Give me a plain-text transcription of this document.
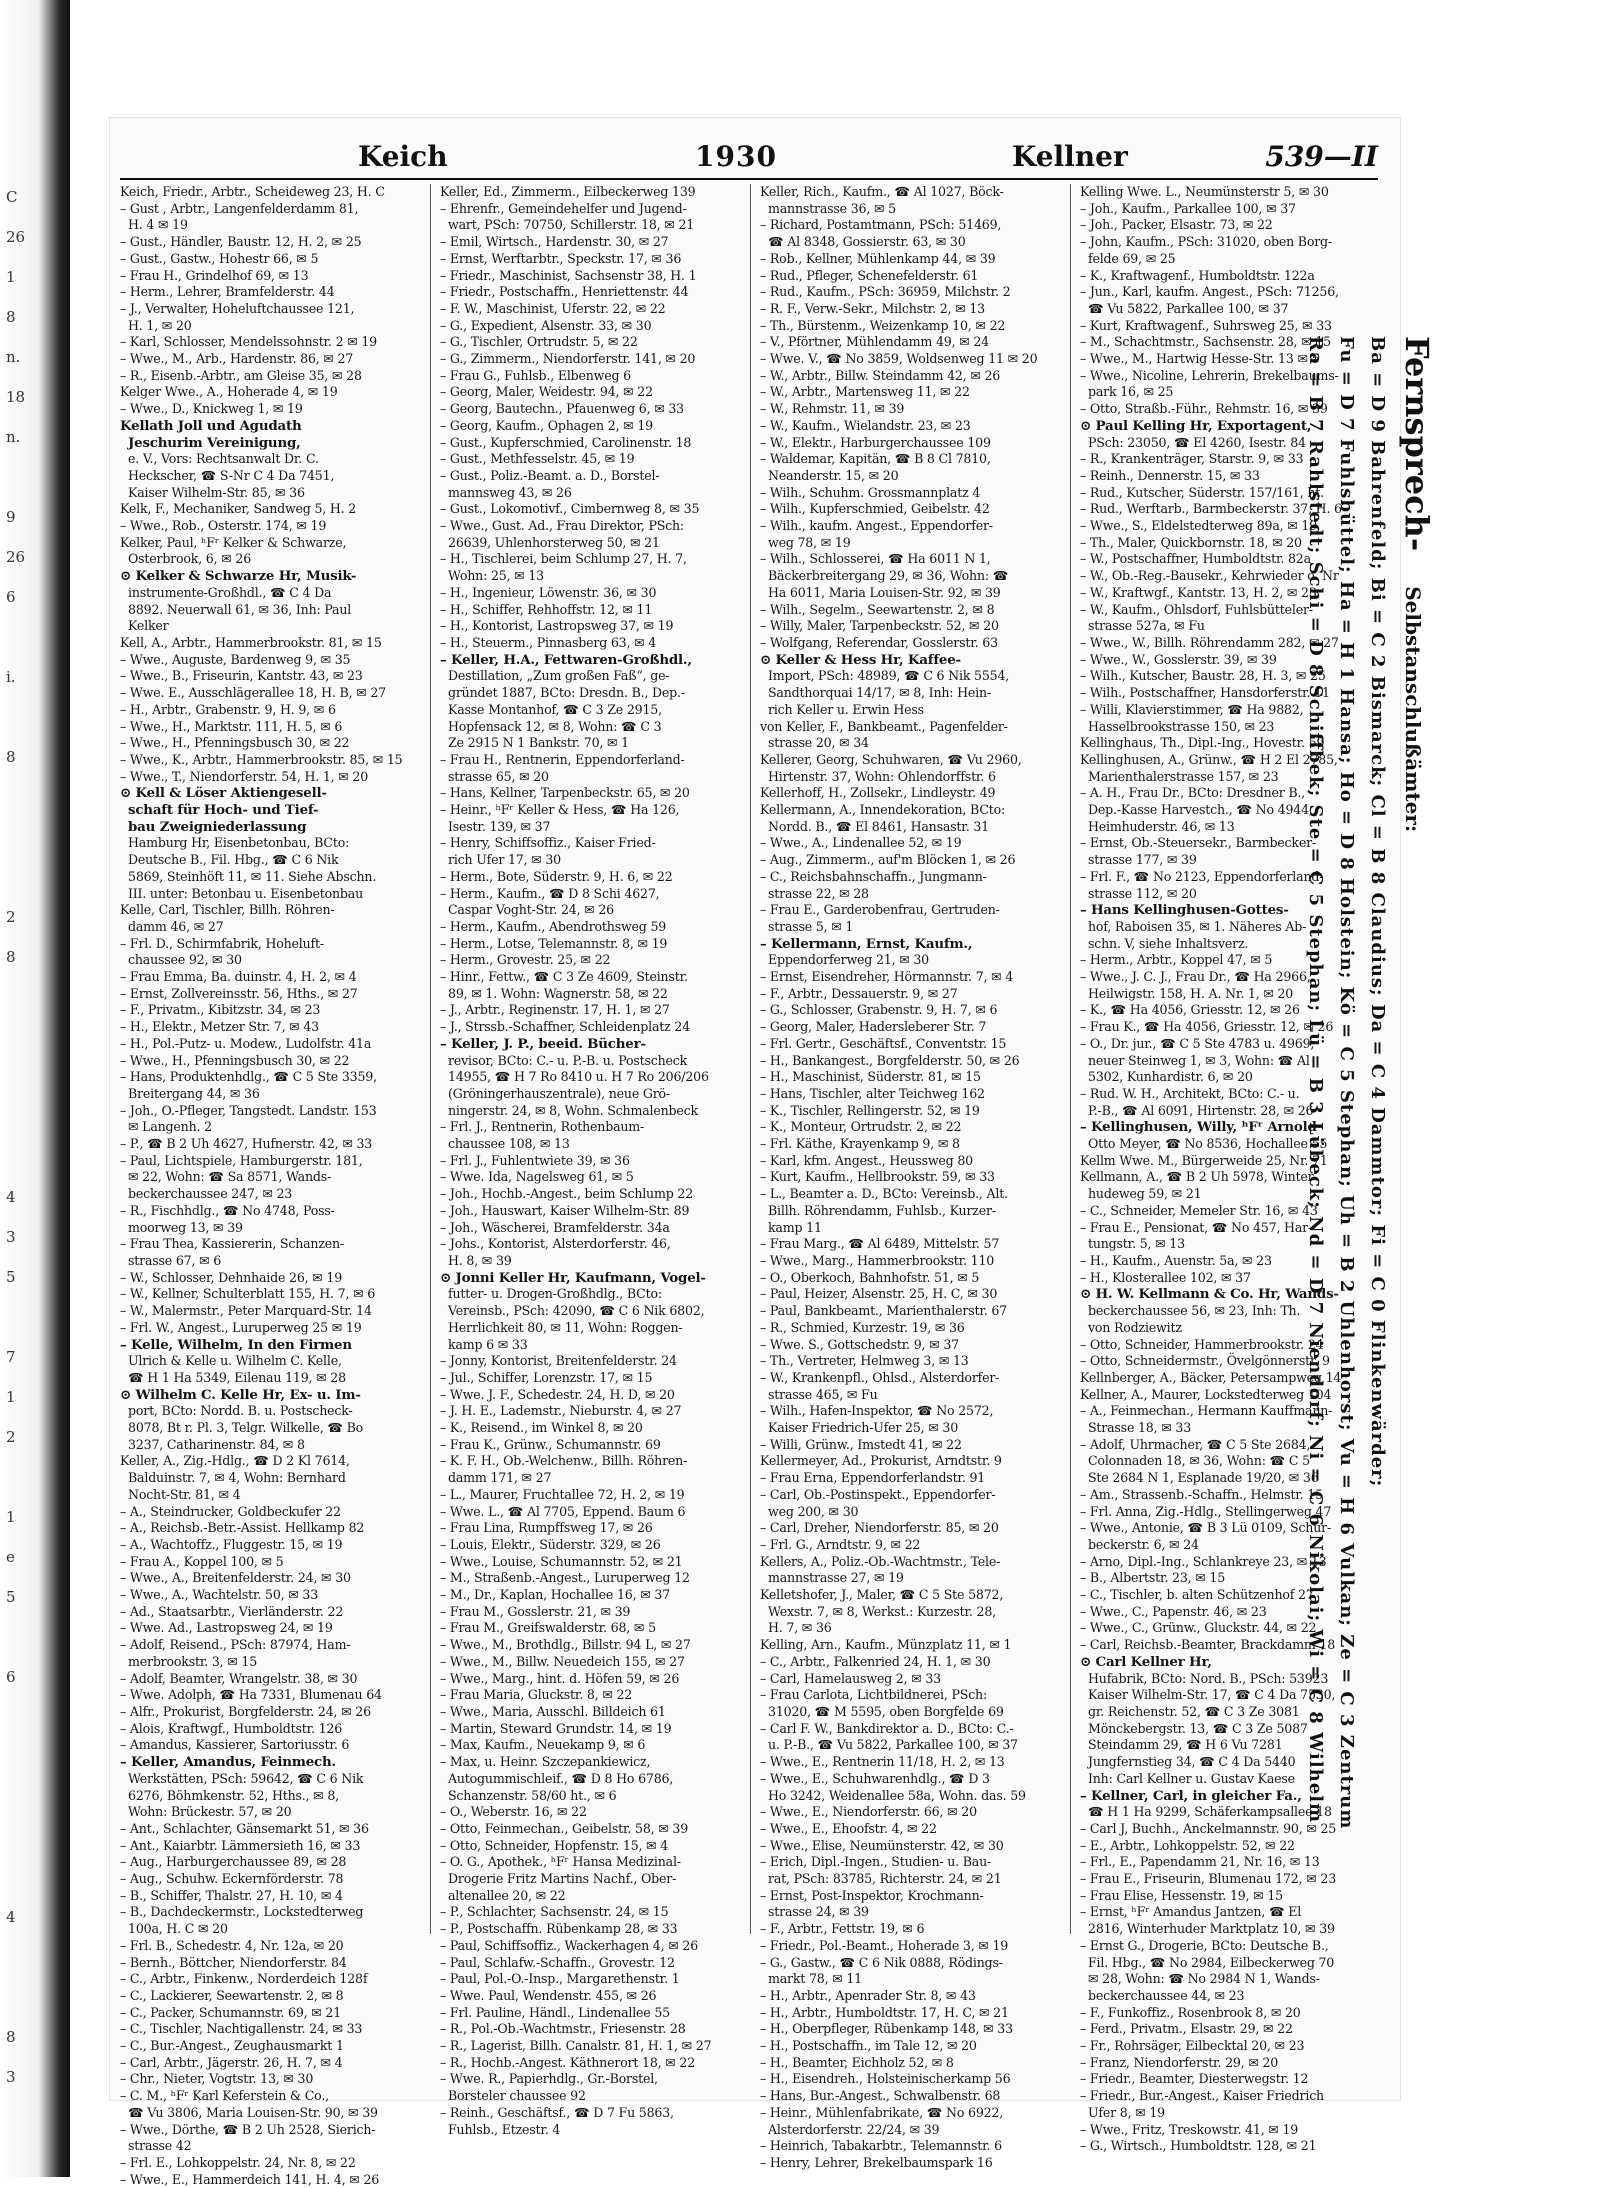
C
26
1
8
n.
18
n.
9
26
6
i.
8
2
8
4
3
5
7
1
2
1
e
5
6
4
8
3
Keich	1930	Kellner	539—II
Keich, Friedr., Arbtr., Scheideweg 23, H. C
– Gust , Arbtr., Langenfelderdamm 81,
H. 4 ✉ 19
– Gust., Händler, Baustr. 12, H. 2, ✉ 25
– Gust., Gastw., Hohestr 66, ✉ 5
– Frau H., Grindelhof 69, ✉ 13
– Herm., Lehrer, Bramfelderstr. 44
– J., Verwalter, Hoheluftchaussee 121,
H. 1, ✉ 20
– Karl, Schlosser, Mendelssohnstr. 2 ✉ 19
– Wwe., M., Arb., Hardenstr. 86, ✉ 27
– R., Eisenb.-Arbtr., am Gleise 35, ✉ 28
Kelger Wwe., A., Hoherade 4, ✉ 19
– Wwe., D., Knickweg 1, ✉ 19
Kellath Joll und Agudath
Jeschurim Vereinigung,
e. V., Vors: Rechtsanwalt Dr. C.
Heckscher, ☎ S-Nr C 4 Da 7451,
Kaiser Wilhelm-Str. 85, ✉ 36
Kelk, F., Mechaniker, Sandweg 5, H. 2
– Wwe., Rob., Osterstr. 174, ✉ 19
Kelker, Paul, ʰFʳ Kelker & Schwarze,
Osterbrook, 6, ✉ 26
⊙ Kelker & Schwarze Hr, Musik-
instrumente-Großhdl., ☎ C 4 Da
8892. Neuerwall 61, ✉ 36, Inh: Paul
Kelker
Kell, A., Arbtr., Hammerbrookstr. 81, ✉ 15
– Wwe., Auguste, Bardenweg 9, ✉ 35
– Wwe., B., Friseurin, Kantstr. 43, ✉ 23
– Wwe. E., Ausschlägerallee 18, H. B, ✉ 27
– H., Arbtr., Grabenstr. 9, H. 9, ✉ 6
– Wwe., H., Marktstr. 111, H. 5, ✉ 6
– Wwe., H., Pfenningsbusch 30, ✉ 22
– Wwe., K., Arbtr., Hammerbrookstr. 85, ✉ 15
– Wwe., T., Niendorferstr. 54, H. 1, ✉ 20
⊙ Kell & Löser Aktiengesell-
schaft für Hoch- und Tief-
bau Zweigniederlassung
Hamburg Hr, Eisenbetonbau, BCto:
Deutsche B., Fil. Hbg., ☎ C 6 Nik
5869, Steinhöft 11, ✉ 11. Siehe Abschn.
III. unter: Betonbau u. Eisenbetonbau
Kelle, Carl, Tischler, Billh. Röhren-
damm 46, ✉ 27
– Frl. D., Schirmfabrik, Hoheluft-
chaussee 92, ✉ 30
– Frau Emma, Ba. duinstr. 4, H. 2, ✉ 4
– Ernst, Zollvereinsstr. 56, Hths., ✉ 27
– F., Privatm., Kibitzstr. 34, ✉ 23
– H., Elektr., Metzer Str. 7, ✉ 43
– H., Pol.-Putz- u. Modew., Ludolfstr. 41a
– Wwe., H., Pfenningsbusch 30, ✉ 22
– Hans, Produktenhdlg., ☎ C 5 Ste 3359,
Breitergang 44, ✉ 36
– Joh., O.-Pfleger, Tangstedt. Landstr. 153
✉ Langenh. 2
– P., ☎ B 2 Uh 4627, Hufnerstr. 42, ✉ 33
– Paul, Lichtspiele, Hamburgerstr. 181,
✉ 22, Wohn: ☎ Sa 8571, Wands-
beckerchaussee 247, ✉ 23
– R., Fischhdlg., ☎ No 4748, Poss-
moorweg 13, ✉ 39
– Frau Thea, Kassiererin, Schanzen-
strasse 67, ✉ 6
– W., Schlosser, Dehnhaide 26, ✉ 19
– W., Kellner, Schulterblatt 155, H. 7, ✉ 6
– W., Malermstr., Peter Marquard-Str. 14
– Frl. W., Angest., Luruperweg 25 ✉ 19
– Kelle, Wilhelm, In den Firmen
Ulrich & Kelle u. Wilhelm C. Kelle,
☎ H 1 Ha 5349, Eilenau 119, ✉ 28
⊙ Wilhelm C. Kelle Hr, Ex- u. Im-
port, BCto: Nordd. B. u. Postscheck-
8078, Bt r. Pl. 3, Telgr. Wilkelle, ☎ Bo
3237, Catharinenstr. 84, ✉ 8
Keller, A., Zig.-Hdlg., ☎ D 2 Kl 7614,
Balduinstr. 7, ✉ 4, Wohn: Bernhard
Nocht-Str. 81, ✉ 4
– A., Steindrucker, Goldbeckufer 22
– A., Reichsb.-Betr.-Assist. Hellkamp 82
– A., Wachtoffz., Fluggestr. 15, ✉ 19
– Frau A., Koppel 100, ✉ 5
– Wwe., A., Breitenfelderstr. 24, ✉ 30
– Wwe., A., Wachtelstr. 50, ✉ 33
– Ad., Staatsarbtr., Vierländerstr. 22
– Wwe. Ad., Lastropsweg 24, ✉ 19
– Adolf, Reisend., PSch: 87974, Ham-
merbrookstr. 3, ✉ 15
– Adolf, Beamter, Wrangelstr. 38, ✉ 30
– Wwe. Adolph, ☎ Ha 7331, Blumenau 64
– Alfr., Prokurist, Borgfelderstr. 24, ✉ 26
– Alois, Kraftwgf., Humboldtstr. 126
– Amandus, Kassierer, Sartoriusstr. 6
– Keller, Amandus, Feinmech.
Werkstätten, PSch: 59642, ☎ C 6 Nik
6276, Böhmkenstr. 52, Hths., ✉ 8,
Wohn: Brückestr. 57, ✉ 20
– Ant., Schlachter, Gänsemarkt 51, ✉ 36
– Ant., Kaiarbtr. Lämmersieth 16, ✉ 33
– Aug., Harburgerchaussee 89, ✉ 28
– Aug., Schuhw. Eckernförderstr. 78
– B., Schiffer, Thalstr. 27, H. 10, ✉ 4
– B., Dachdeckermstr., Lockstedterweg
100a, H. C ✉ 20
– Frl. B., Schedestr. 4, Nr. 12a, ✉ 20
– Bernh., Böttcher, Niendorferstr. 84
– C., Arbtr., Finkenw., Norderdeich 128f
– C., Lackierer, Seewartenstr. 2, ✉ 8
– C., Packer, Schumannstr. 69, ✉ 21
– C., Tischler, Nachtigallenstr. 24, ✉ 33
– C., Bur.-Angest., Zeughausmarkt 1
– Carl, Arbtr., Jägerstr. 26, H. 7, ✉ 4
– Chr., Nieter, Vogtstr. 13, ✉ 30
– C. M., ʰFʳ Karl Keferstein & Co.,
☎ Vu 3806, Maria Louisen-Str. 90, ✉ 39
– Wwe., Dörthe, ☎ B 2 Uh 2528, Sierich-
strasse 42
– Frl. E., Lohkoppelstr. 24, Nr. 8, ✉ 22
– Wwe., E., Hammerdeich 141, H. 4, ✉ 26
Keller, Ed., Zimmerm., Eilbeckerweg 139
– Ehrenfr., Gemeindehelfer und Jugend-
wart, PSch: 70750, Schillerstr. 18, ✉ 21
– Emil, Wirtsch., Hardenstr. 30, ✉ 27
– Ernst, Werftarbtr., Speckstr. 17, ✉ 36
– Friedr., Maschinist, Sachsenstr 38, H. 1
– Friedr., Postschaffn., Henriettenstr. 44
– F. W., Maschinist, Uferstr. 22, ✉ 22
– G., Expedient, Alsenstr. 33, ✉ 30
– G., Tischler, Ortrudstr. 5, ✉ 22
– G., Zimmerm., Niendorferstr. 141, ✉ 20
– Frau G., Fuhlsb., Elbenweg 6
– Georg, Maler, Weidestr. 94, ✉ 22
– Georg, Bautechn., Pfauenweg 6, ✉ 33
– Georg, Kaufm., Ophagen 2, ✉ 19
– Gust., Kupferschmied, Carolinenstr. 18
– Gust., Methfesselstr. 45, ✉ 19
– Gust., Poliz.-Beamt. a. D., Borstel-
mannsweg 43, ✉ 26
– Gust., Lokomotivf., Cimbernweg 8, ✉ 35
– Wwe., Gust. Ad., Frau Direktor, PSch:
26639, Uhlenhorsterweg 50, ✉ 21
– H., Tischlerei, beim Schlump 27, H. 7,
Wohn: 25, ✉ 13
– H., Ingenieur, Löwenstr. 36, ✉ 30
– H., Schiffer, Rehhoffstr. 12, ✉ 11
– H., Kontorist, Lastropsweg 37, ✉ 19
– H., Steuerm., Pinnasberg 63, ✉ 4
– Keller, H.A., Fettwaren-Großhdl.,
Destillation, „Zum großen Faß“, ge-
gründet 1887, BCto: Dresdn. B., Dep.-
Kasse Montanhof, ☎ C 3 Ze 2915,
Hopfensack 12, ✉ 8, Wohn: ☎ C 3
Ze 2915 N 1 Bankstr. 70, ✉ 1
– Frau H., Rentnerin, Eppendorferland-
strasse 65, ✉ 20
– Hans, Kellner, Tarpenbeckstr. 65, ✉ 20
– Heinr., ʰFʳ Keller & Hess, ☎ Ha 126,
Isestr. 139, ✉ 37
– Henry, Schiffsoffiz., Kaiser Fried-
rich Ufer 17, ✉ 30
– Herm., Bote, Süderstr. 9, H. 6, ✉ 22
– Herm., Kaufm., ☎ D 8 Schi 4627,
Caspar Voght-Str. 24, ✉ 26
– Herm., Kaufm., Abendrothsweg 59
– Herm., Lotse, Telemannstr. 8, ✉ 19
– Herm., Grovestr. 25, ✉ 22
– Hinr., Fettw., ☎ C 3 Ze 4609, Steinstr.
89, ✉ 1. Wohn: Wagnerstr. 58, ✉ 22
– J., Arbtr., Reginenstr. 17, H. 1, ✉ 27
– J., Strssb.-Schaffner, Schleidenplatz 24
– Keller, J. P., beeid. Bücher-
revisor, BCto: C.- u. P.-B. u. Postscheck
14955, ☎ H 7 Ro 8410 u. H 7 Ro 206/206
(Gröningerhauszentrale), neue Grö-
ningerstr. 24, ✉ 8, Wohn. Schmalenbeck
– Frl. J., Rentnerin, Rothenbaum-
chaussee 108, ✉ 13
– Frl. J., Fuhlentwiete 39, ✉ 36
– Wwe. Ida, Nagelsweg 61, ✉ 5
– Joh., Hochb.-Angest., beim Schlump 22
– Joh., Hauswart, Kaiser Wilhelm-Str. 89
– Joh., Wäscherei, Bramfelderstr. 34a
– Johs., Kontorist, Alsterdorferstr. 46,
H. 8, ✉ 39
⊙ Jonni Keller Hr, Kaufmann, Vogel-
futter- u. Drogen-Großhdlg., BCto:
Vereinsb., PSch: 42090, ☎ C 6 Nik 6802,
Herrlichkeit 80, ✉ 11, Wohn: Roggen-
kamp 6 ✉ 33
– Jonny, Kontorist, Breitenfelderstr. 24
– Jul., Schiffer, Lorenzstr. 17, ✉ 15
– Wwe. J. F., Schedestr. 24, H. D, ✉ 20
– J. H. E., Lademstr., Nieburstr. 4, ✉ 27
– K., Reisend., im Winkel 8, ✉ 20
– Frau K., Grünw., Schumannstr. 69
– K. F. H., Ob.-Welchenw., Billh. Röhren-
damm 171, ✉ 27
– L., Maurer, Fruchtallee 72, H. 2, ✉ 19
– Wwe. L., ☎ Al 7705, Eppend. Baum 6
– Frau Lina, Rumpffsweg 17, ✉ 26
– Louis, Elektr., Süderstr. 329, ✉ 26
– Wwe., Louise, Schumannstr. 52, ✉ 21
– M., Straßenb.-Angest., Luruperweg 12
– M., Dr., Kaplan, Hochallee 16, ✉ 37
– Frau M., Gosslerstr. 21, ✉ 39
– Frau M., Greifswalderstr. 68, ✉ 5
– Wwe., M., Brothdlg., Billstr. 94 L, ✉ 27
– Wwe., M., Billw. Neuedeich 155, ✉ 27
– Wwe., Marg., hint. d. Höfen 59, ✉ 26
– Frau Maria, Gluckstr. 8, ✉ 22
– Wwe., Maria, Ausschl. Billdeich 61
– Martin, Steward Grundstr. 14, ✉ 19
– Max, Kaufm., Neuekamp 9, ✉ 6
– Max, u. Heinr. Szczepankiewicz,
Autogummischleif., ☎ D 8 Ho 6786,
Schanzenstr. 58/60 ht., ✉ 6
– O., Weberstr. 16, ✉ 22
– Otto, Feinmechan., Geibelstr. 58, ✉ 39
– Otto, Schneider, Hopfenstr. 15, ✉ 4
– O. G., Apothek., ʰFʳ Hansa Medizinal-
Drogerie Fritz Martins Nachf., Ober-
altenallee 20, ✉ 22
– P., Schlachter, Sachsenstr. 24, ✉ 15
– P., Postschaffn. Rübenkamp 28, ✉ 33
– Paul, Schiffsoffiz., Wackerhagen 4, ✉ 26
– Paul, Schlafw.-Schaffn., Grovestr. 12
– Paul, Pol.-O.-Insp., Margarethenstr. 1
– Wwe. Paul, Wendenstr. 455, ✉ 26
– Frl. Pauline, Händl., Lindenallee 55
– R., Pol.-Ob.-Wachtmstr., Friesenstr. 28
– R., Lagerist, Billh. Canalstr. 81, H. 1, ✉ 27
– R., Hochb.-Angest. Käthnerort 18, ✉ 22
– Wwe. R., Papierhdlg., Gr.-Borstel,
Borsteler chaussee 92
– Reinh., Geschäftsf., ☎ D 7 Fu 5863,
Fuhlsb., Etzestr. 4
Keller, Rich., Kaufm., ☎ Al 1027, Böck-
mannstrasse 36, ✉ 5
– Richard, Postamtmann, PSch: 51469,
☎ Al 8348, Gossierstr. 63, ✉ 30
– Rob., Kellner, Mühlenkamp 44, ✉ 39
– Rud., Pfleger, Schenefelderstr. 61
– Rud., Kaufm., PSch: 36959, Milchstr. 2
– R. F., Verw.-Sekr., Milchstr. 2, ✉ 13
– Th., Bürstenm., Weizenkamp 10, ✉ 22
– V., Pförtner, Mühlendamm 49, ✉ 24
– Wwe. V., ☎ No 3859, Woldsenweg 11 ✉ 20
– W., Arbtr., Billw. Steindamm 42, ✉ 26
– W., Arbtr., Martensweg 11, ✉ 22
– W., Rehmstr. 11, ✉ 39
– W., Kaufm., Wielandstr. 23, ✉ 23
– W., Elektr., Harburgerchaussee 109
– Waldemar, Kapitän, ☎ B 8 Cl 7810,
Neanderstr. 15, ✉ 20
– Wilh., Schuhm. Grossmannplatz 4
– Wilh., Kupferschmied, Geibelstr. 42
– Wilh., kaufm. Angest., Eppendorfer-
weg 78, ✉ 19
– Wilh., Schlosserei, ☎ Ha 6011 N 1,
Bäckerbreitergang 29, ✉ 36, Wohn: ☎
Ha 6011, Maria Louisen-Str. 92, ✉ 39
– Wilh., Segelm., Seewartenstr. 2, ✉ 8
– Willy, Maler, Tarpenbeckstr. 52, ✉ 20
– Wolfgang, Referendar, Gosslerstr. 63
⊙ Keller & Hess Hr, Kaffee-
Import, PSch: 48989, ☎ C 6 Nik 5554,
Sandthorquai 14/17, ✉ 8, Inh: Hein-
rich Keller u. Erwin Hess
von Keller, F., Bankbeamt., Pagenfelder-
strasse 20, ✉ 34
Kellerer, Georg, Schuhwaren, ☎ Vu 2960,
Hirtenstr. 37, Wohn: Ohlendorffstr. 6
Kellerhoff, H., Zollsekr., Lindleystr. 49
Kellermann, A., Innendekoration, BCto:
Nordd. B., ☎ El 8461, Hansastr. 31
– Wwe., A., Lindenallee 52, ✉ 19
– Aug., Zimmerm., auf'm Blöcken 1, ✉ 26
– C., Reichsbahnschaffn., Jungmann-
strasse 22, ✉ 28
– Frau E., Garderobenfrau, Gertruden-
strasse 5, ✉ 1
– Kellermann, Ernst, Kaufm.,
Eppendorferweg 21, ✉ 30
– Ernst, Eisendreher, Hörmannstr. 7, ✉ 4
– F., Arbtr., Dessauerstr. 9, ✉ 27
– G., Schlosser, Grabenstr. 9, H. 7, ✉ 6
– Georg, Maler, Hadersleberer Str. 7
– Frl. Gertr., Geschäftsf., Conventstr. 15
– H., Bankangest., Borgfelderstr. 50, ✉ 26
– H., Maschinist, Süderstr. 81, ✉ 15
– Hans, Tischler, alter Teichweg 162
– K., Tischler, Rellingerstr. 52, ✉ 19
– K., Monteur, Ortrudstr. 2, ✉ 22
– Frl. Käthe, Krayenkamp 9, ✉ 8
– Karl, kfm. Angest., Heussweg 80
– Kurt, Kaufm., Hellbrookstr. 59, ✉ 33
– L., Beamter a. D., BCto: Vereinsb., Alt.
Billh. Röhrendamm, Fuhlsb., Kurzer-
kamp 11
– Frau Marg., ☎ Al 6489, Mittelstr. 57
– Wwe., Marg., Hammerbrookstr. 110
– O., Oberkoch, Bahnhofstr. 51, ✉ 5
– Paul, Heizer, Alsenstr. 25, H. C, ✉ 30
– Paul, Bankbeamt., Marienthalerstr. 67
– R., Schmied, Kurzestr. 19, ✉ 36
– Wwe. S., Gottschedstr. 9, ✉ 37
– Th., Vertreter, Helmweg 3, ✉ 13
– W., Krankenpfl., Ohlsd., Alsterdorfer-
strasse 465, ✉ Fu
– Wilh., Hafen-Inspektor, ☎ No 2572,
Kaiser Friedrich-Ufer 25, ✉ 30
– Willi, Grünw., Imstedt 41, ✉ 22
Kellermeyer, Ad., Prokurist, Arndtstr. 9
– Frau Erna, Eppendorferlandstr. 91
– Carl, Ob.-Postinspekt., Eppendorfer-
weg 200, ✉ 30
– Carl, Dreher, Niendorferstr. 85, ✉ 20
– Frl. G., Arndtstr. 9, ✉ 22
Kellers, A., Poliz.-Ob.-Wachtmstr., Tele-
mannstrasse 27, ✉ 19
Kelletshofer, J., Maler, ☎ C 5 Ste 5872,
Wexstr. 7, ✉ 8, Werkst.: Kurzestr. 28,
H. 7, ✉ 36
Kelling, Arn., Kaufm., Münzplatz 11, ✉ 1
– C., Arbtr., Falkenried 24, H. 1, ✉ 30
– Carl, Hamelausweg 2, ✉ 33
– Frau Carlota, Lichtbildnerei, PSch:
31020, ☎ M 5595, oben Borgfelde 69
– Carl F. W., Bankdirektor a. D., BCto: C.-
u. P.-B., ☎ Vu 5822, Parkallee 100, ✉ 37
– Wwe., E., Rentnerin 11/18, H. 2, ✉ 13
– Wwe., E., Schuhwarenhdlg., ☎ D 3
Ho 3242, Weidenallee 58a, Wohn. das. 59
– Wwe., E., Niendorferstr. 66, ✉ 20
– Wwe., E., Ehoofstr. 4, ✉ 22
– Wwe., Elise, Neumünsterstr. 42, ✉ 30
– Erich, Dipl.-Ingen., Studien- u. Bau-
rat, PSch: 83785, Richterstr. 24, ✉ 21
– Ernst, Post-Inspektor, Krochmann-
strasse 24, ✉ 39
– F., Arbtr., Fettstr. 19, ✉ 6
– Friedr., Pol.-Beamt., Hoherade 3, ✉ 19
– G., Gastw., ☎ C 6 Nik 0888, Rödings-
markt 78, ✉ 11
– H., Arbtr., Apenrader Str. 8, ✉ 43
– H., Arbtr., Humboldtstr. 17, H. C, ✉ 21
– H., Oberpfleger, Rübenkamp 148, ✉ 33
– H., Postschaffn., im Tale 12, ✉ 20
– H., Beamter, Eichholz 52, ✉ 8
– H., Eisendreh., Holsteinischerkamp 56
– Hans, Bur.-Angest., Schwalbenstr. 68
– Heinr., Mühlenfabrikate, ☎ No 6922,
Alsterdorferstr. 22/24, ✉ 39
– Heinrich, Tabakarbtr., Telemannstr. 6
– Henry, Lehrer, Brekelbaumspark 16
Kelling Wwe. L., Neumünsterstr 5, ✉ 30
– Joh., Kaufm., Parkallee 100, ✉ 37
– Joh., Packer, Elsastr. 73, ✉ 22
– John, Kaufm., PSch: 31020, oben Borg-
felde 69, ✉ 25
– K., Kraftwagenf., Humboldtstr. 122a
– Jun., Karl, kaufm. Angest., PSch: 71256,
☎ Vu 5822, Parkallee 100, ✉ 37
– Kurt, Kraftwagenf., Suhrsweg 25, ✉ 33
– M., Schachtmstr., Sachsenstr. 28, ✉ 15
– Wwe., M., Hartwig Hesse-Str. 13 ✉ 5
– Wwe., Nicoline, Lehrerin, Brekelbaums-
park 16, ✉ 25
– Otto, Straßb.-Führ., Rehmstr. 16, ✉ 39
⊙ Paul Kelling Hr, Exportagent,
PSch: 23050, ☎ El 4260, Isestr. 84
– R., Krankenträger, Starstr. 9, ✉ 33
– Reinh., Dennerstr. 15, ✉ 33
– Rud., Kutscher, Süderstr. 157/161, ht.
– Rud., Werftarb., Barmbeckerstr. 37, H. 6
– Wwe., S., Eldelstedterweg 89a, ✉ 19
– Th., Maler, Quickbornstr. 18, ✉ 20
– W., Postschaffner, Humboldtstr. 82a
– W., Ob.-Reg.-Bausekr., Kehrwieder o. Nr
– W., Kraftwgf., Kantstr. 13, H. 2, ✉ 23
– W., Kaufm., Ohlsdorf, Fuhlsbütteler-
strasse 527a, ✉ Fu
– Wwe., W., Billh. Röhrendamm 282, ✉ 27
– Wwe., W., Gosslerstr. 39, ✉ 39
– Wilh., Kutscher, Baustr. 28, H. 3, ✉ 25
– Wilh., Postschaffner, Hansdorferstr. 11
– Willi, Klavierstimmer, ☎ Ha 9882,
Hasselbrookstrasse 150, ✉ 23
Kellinghaus, Th., Dipl.-Ing., Hovestr. 59
Kellinghusen, A., Grünw., ☎ H 2 El 2785,
Marienthalerstrasse 157, ✉ 23
– A. H., Frau Dr., BCto: Dresdner B.,
Dep.-Kasse Harvestch., ☎ No 4944,
Heimhuderstr. 46, ✉ 13
– Ernst, Ob.-Steuersekr., Barmbecker-
strasse 177, ✉ 39
– Frl. F., ☎ No 2123, Eppendorferland-
strasse 112, ✉ 20
– Hans Kellinghusen-Gottes-
hof, Raboisen 35, ✉ 1. Näheres Ab-
schn. V, siehe Inhaltsverz.
– Herm., Arbtr., Koppel 47, ✉ 5
– Wwe., J. C. J., Frau Dr., ☎ Ha 2966,
Heilwigstr. 158, H. A. Nr. 1, ✉ 20
– K., ☎ Ha 4056, Griesstr. 12, ✉ 26
– Frau K., ☎ Ha 4056, Griesstr. 12, ✉ 26
– O., Dr. jur., ☎ C 5 Ste 4783 u. 4969,
neuer Steinweg 1, ✉ 3, Wohn: ☎ Al
5302, Kunhardistr. 6, ✉ 20
– Rud. W. H., Architekt, BCto: C.- u.
P.-B., ☎ Al 6091, Hirtenstr. 28, ✉ 26
– Kellinghusen, Willy, ʰFʳ Arnold
Otto Meyer, ☎ No 8536, Hochallee 55
Kellm Wwe. M., Bürgerweide 25, Nr. 71
Kellmann, A., ☎ B 2 Uh 5978, Winter-
hudeweg 59, ✉ 21
– C., Schneider, Memeler Str. 16, ✉ 43
– Frau E., Pensionat, ☎ No 457, Har-
tungstr. 5, ✉ 13
– H., Kaufm., Auenstr. 5a, ✉ 23
– H., Klosterallee 102, ✉ 37
⊙ H. W. Kellmann & Co. Hr, Wands-
beckerchaussee 56, ✉ 23, Inh: Th.
von Rodziewitz
– Otto, Schneider, Hammerbrookstr. 24
– Otto, Schneidermstr., Övelgönnerstr. 9
Kellnberger, A., Bäcker, Petersampweg 14
Kellner, A., Maurer, Lockstedterweg 104
– A., Feinmechan., Hermann Kauffmann-
Strasse 18, ✉ 33
– Adolf, Uhrmacher, ☎ C 5 Ste 2684,
Colonnaden 18, ✉ 36, Wohn: ☎ C 5
Ste 2684 N 1, Esplanade 19/20, ✉ 36
– Am., Strassenb.-Schaffn., Helmstr. 15
– Frl. Anna, Zig.-Hdlg., Stellingerweg 47
– Wwe., Antonie, ☎ B 3 Lü 0109, Schür-
beckerstr. 6, ✉ 24
– Arno, Dipl.-Ing., Schlankreye 23, ✉ 13
– B., Albertstr. 23, ✉ 15
– C., Tischler, b. alten Schützenhof 27
– Wwe., C., Papenstr. 46, ✉ 23
– Wwe., C., Grünw., Gluckstr. 44, ✉ 22
– Carl, Reichsb.-Beamter, Brackdamm 18
⊙ Carl Kellner Hr,
Hufabrik, BCto: Nord. B., PSch: 53923
Kaiser Wilhelm-Str. 17, ☎ C 4 Da 7530,
gr. Reichenstr. 52, ☎ C 3 Ze 3081
Mönckebergstr. 13, ☎ C 3 Ze 5087
Steindamm 29, ☎ H 6 Vu 7281
Jungfernstieg 34, ☎ C 4 Da 5440
Inh: Carl Kellner u. Gustav Kaese
– Kellner, Carl, in gleicher Fa.,
☎ H 1 Ha 9299, Schäferkampsallee 18
– Carl J, Buchh., Anckelmannstr. 90, ✉ 25
– E., Arbtr., Lohkoppelstr. 52, ✉ 22
– Frl., E., Papendamm 21, Nr. 16, ✉ 13
– Frau E., Friseurin, Blumenau 172, ✉ 23
– Frau Elise, Hessenstr. 19, ✉ 15
– Ernst, ʰFʳ Amandus Jantzen, ☎ El
2816, Winterhuder Marktplatz 10, ✉ 39
– Ernst G., Drogerie, BCto: Deutsche B.,
Fil. Hbg., ☎ No 2984, Eilbeckerweg 70
✉ 28, Wohn: ☎ No 2984 N 1, Wands-
beckerchaussee 44, ✉ 23
– F., Funkoffiz., Rosenbrook 8, ✉ 20
– Ferd., Privatm., Elsastr. 29, ✉ 22
– Fr., Rohrsäger, Eilbecktal 20, ✉ 23
– Franz, Niendorferstr. 29, ✉ 20
– Friedr., Beamter, Diesterwegstr. 12
– Friedr., Bur.-Angest., Kaiser Friedrich
Ufer 8, ✉ 19
– Wwe., Fritz, Treskowstr. 41, ✉ 19
– G., Wirtsch., Humboldtstr. 128, ✉ 21
Fernsprech- Selbstanschlußämter:
Ba = D 9 Bahrenfeld; Bi = C 2 Bismarck; Cl = B 8 Claudius; Da = C 4 Dammtor; Fi = C 0 Flinkenwärder;
Fu = D 7 Fuhlsbüttel; Ha = H 1 Hansa; Ho = D 8 Holstein; Kö = C 5 Stephan; Uh = B 2 Uhlenhorst; Vu = H 6 Vulkan; Ze = C 3 Zentrum
Ra = B 7 Rahlstedt; Schi = D 8 Schiffbek; Ste = C 5 Stephan; Lü = B 3 Lübeck; Nd = D 7 Niendorf; Ni = C 6 Nikolai; Wi = C 8 Wilhelm
